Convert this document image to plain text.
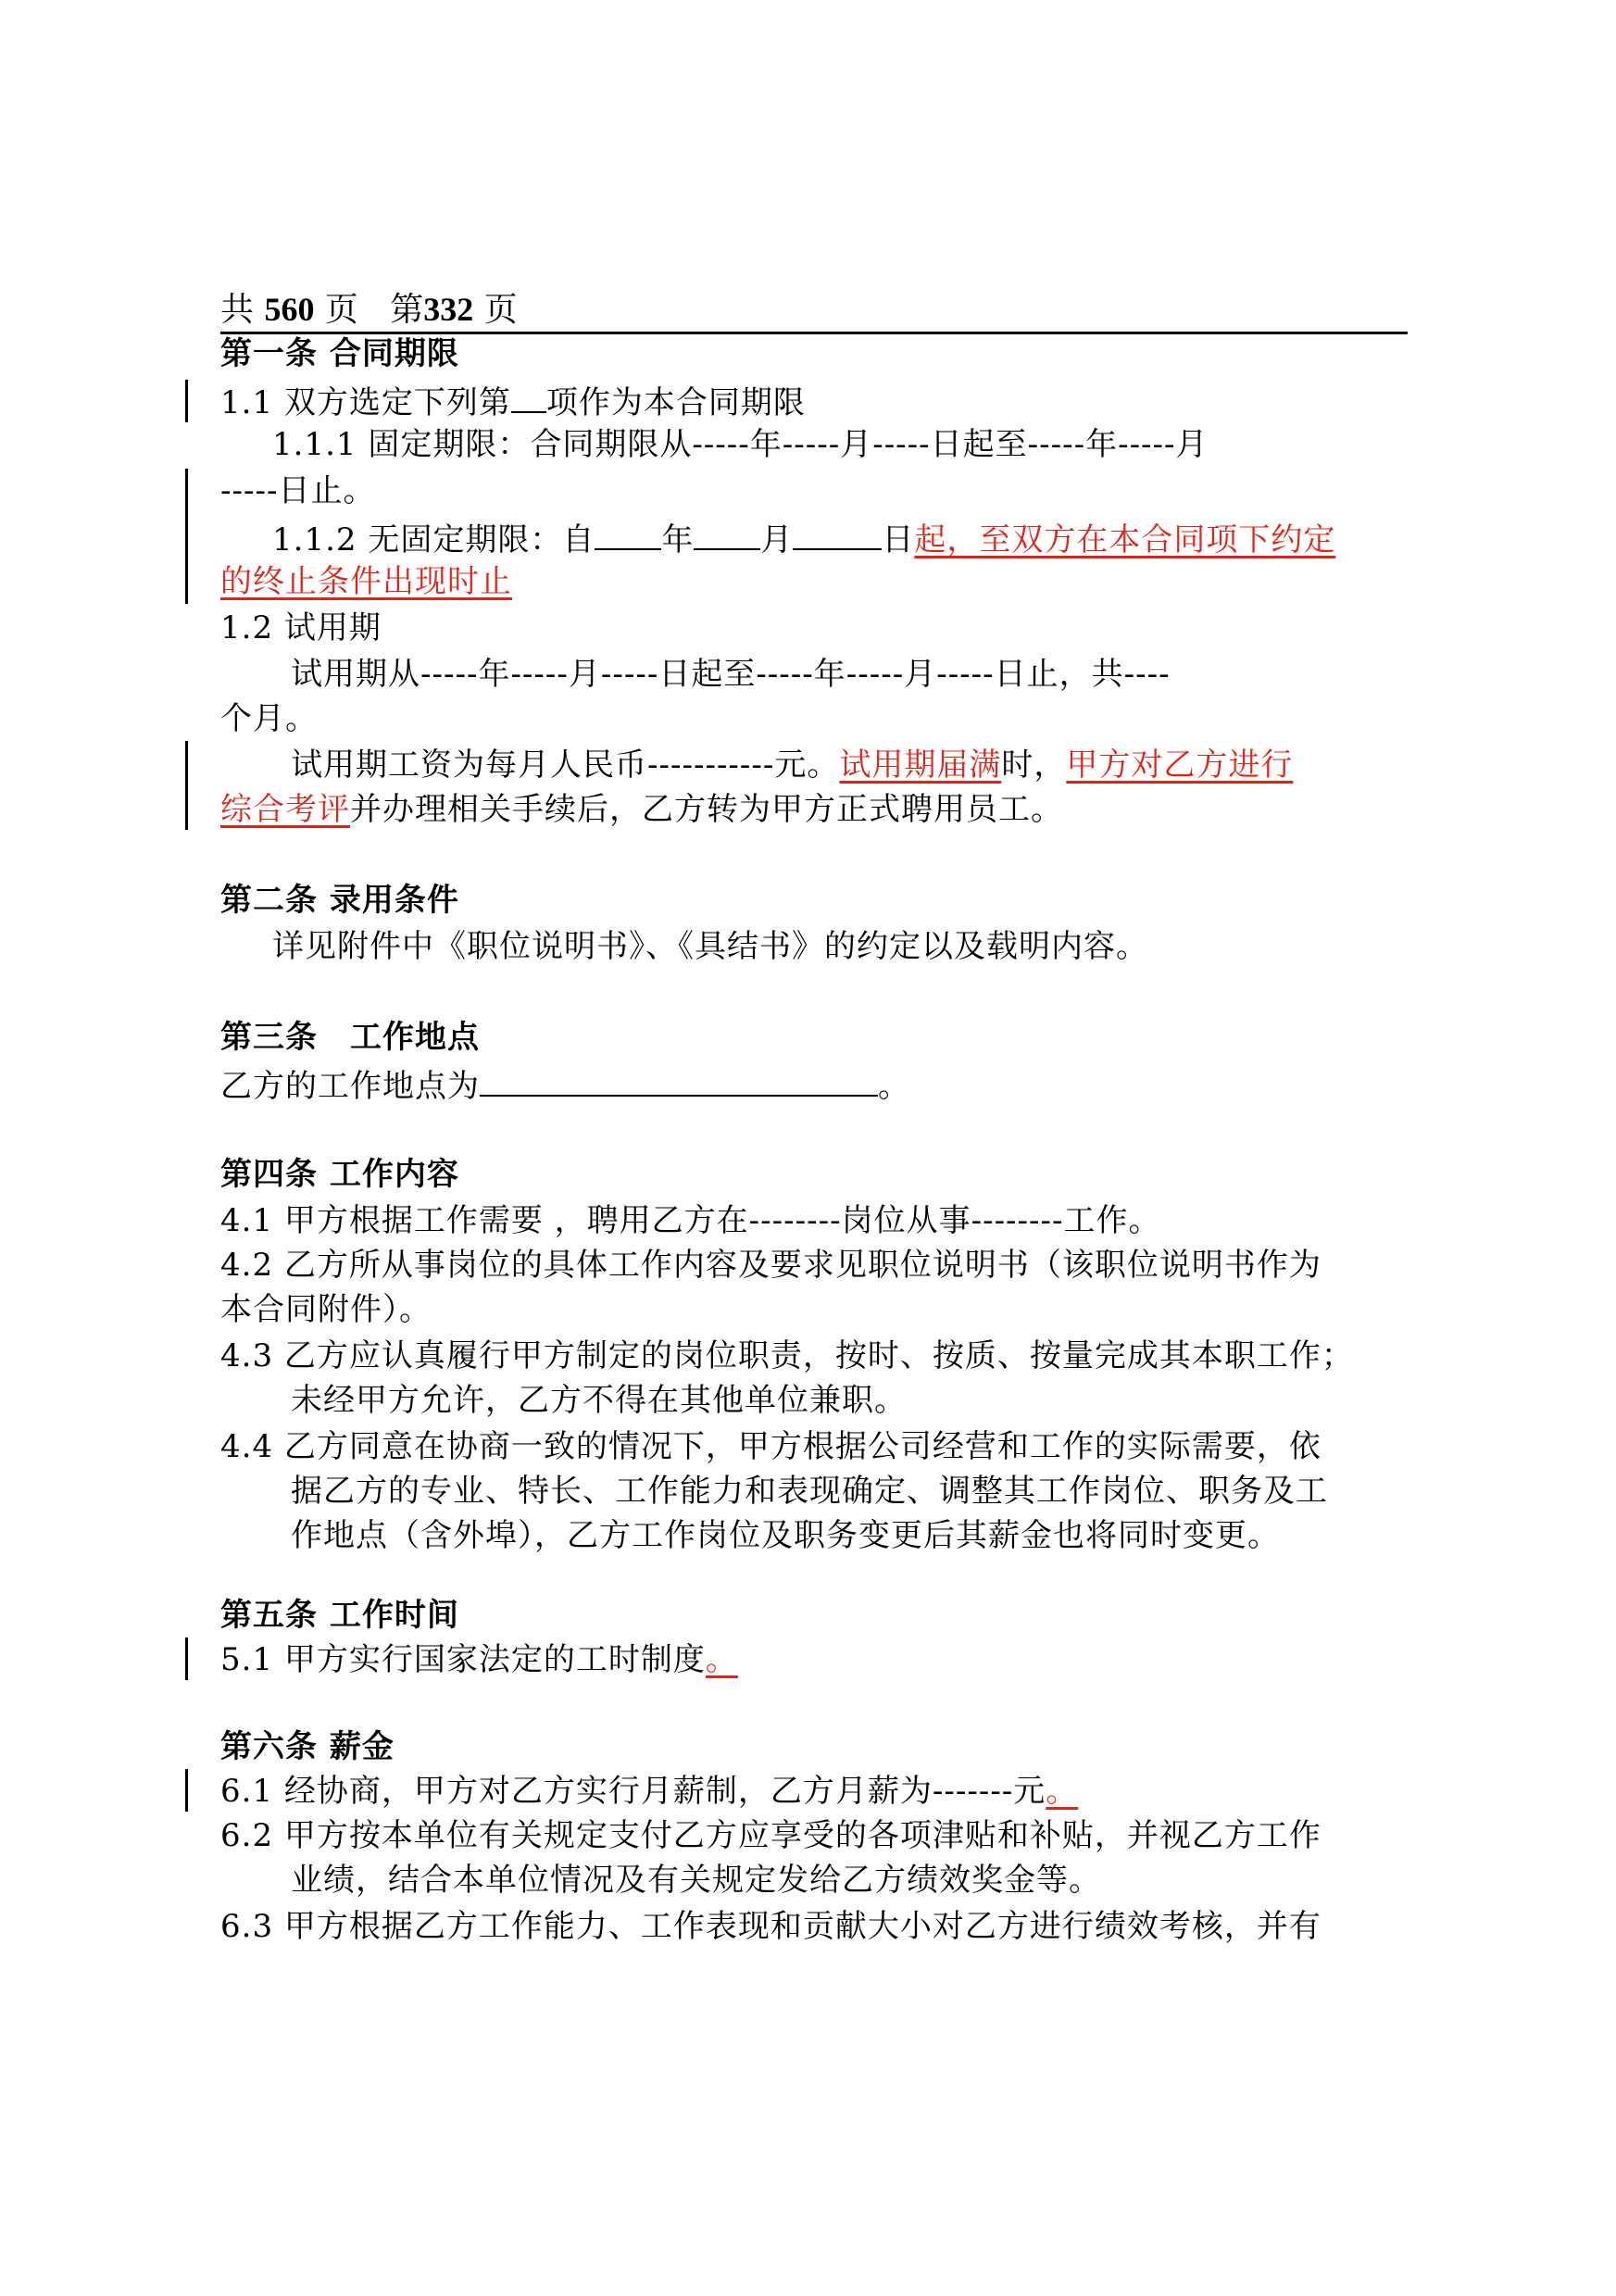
共 560 页 第332 页
第一条 合同期限
1.1 双方选定下列第 项作为本合同期限
1.1.1 固定期限：合同期限从-----年-----月-----日起至-----年-----月
-----日止。
1.1.2 无固定期限：自 年 月	日起，至双方在本合同项下约定
的终止条件出现时止
1.2 试用期
试用期从-----年-----月-----日起至-----年-----月-----日止，共----
个月。
试用期工资为每月人民币-----------元。试用期届满时，甲方对乙方进行
综合考评并办理相关手续后，乙方转为甲方正式聘用员工。
第二条 录用条件
详见附件中《职位说明书》、《具结书》的约定以及载明内容。
第三条　工作地点
乙方的工作地点为	。
第四条 工作内容
4.1 甲方根据工作需要 ，聘用乙方在--------岗位从事--------工作。
4.2 乙方所从事岗位的具体工作内容及要求见职位说明书（该职位说明书作为
本合同附件）。
4.3 乙方应认真履行甲方制定的岗位职责，按时、按质、按量完成其本职工作；
未经甲方允许，乙方不得在其他单位兼职。
4.4 乙方同意在协商一致的情况下，甲方根据公司经营和工作的实际需要，依
据乙方的专业、特长、工作能力和表现确定、调整其工作岗位、职务及工
作地点（含外埠），乙方工作岗位及职务变更后其薪金也将同时变更。
第五条 工作时间
5.1 甲方实行国家法定的工时制度。
第六条 薪金
6.1 经协商，甲方对乙方实行月薪制，乙方月薪为-------元。
6.2 甲方按本单位有关规定支付乙方应享受的各项津贴和补贴，并视乙方工作
业绩，结合本单位情况及有关规定发给乙方绩效奖金等。
6.3 甲方根据乙方工作能力、工作表现和贡献大小对乙方进行绩效考核，并有
